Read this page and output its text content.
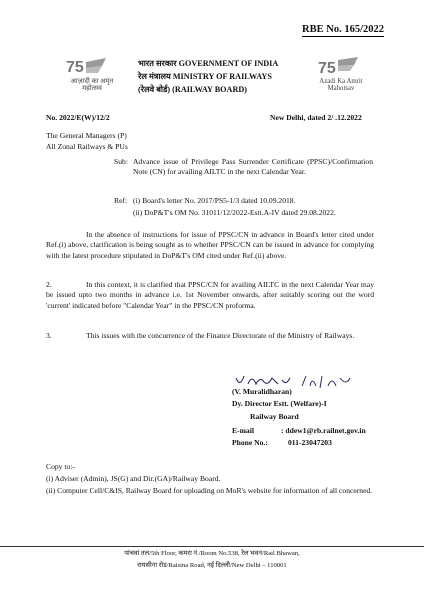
RBE No. 165/2022
75
आज़ादी का अमृत महोत्सव
भारत सरकार GOVERNMENT OF INDIA
रेल मंत्रालय MINISTRY OF RAILWAYS
(रेलवे बोर्ड) (RAILWAY BOARD)
75
Azadi Ka Amrit Mahotsav
No. 2022/E(W)/12/2	New Delhi, dated 2/ .12.2022
The General Managers (P)
All Zonal Railways & PUs
Sub: Advance issue of Privilege Pass Surrender Certificate (PPSC)/Confirmation Note (CN) for availing AILTC in the next Calendar Year.
Ref: (i) Board's letter No. 2017/PS5-1/3 dated 10.09.2018.
(ii) DoP&T's OM No. 31011/12/2022-Estt.A-IV dated 29.08.2022.
In the absence of instructions for issue of PPSC/CN in advance in Board's letter cited under Ref.(i) above, clarification is being sought as to whether PPSC/CN can be issued in advance for complying with the latest procedure stipulated in DoP&T's OM cited under Ref.(ii) above.
2.	In this context, it is clarified that PPSC/CN for availing AILTC in the next Calendar Year may be issued upto two months in advance i.e. 1st November onwards, after suitably scoring out the word 'current' indicated before "Calendar Year" in the PPSC/CN proforma.
3.	This issues with the concurrence of the Finance Directorate of the Ministry of Railways.
(V. Muralidharan)
Dy. Director Estt. (Welfare)-I
Railway Board
E-mail	: ddew1@rb.railnet.gov.in
Phone No.:	011-23047203
Copy to:-
(i) Adviser (Admin), JS(G) and Dir.(GA)/Railway Board.
(ii) Computer Cell/C&IS, Railway Board for uploading on MoR's website for information of all concerned.
पांचवां तल/5th Floor, कमरा नं./Room No.538, रेल भवन/Rail Bhawan,
रायसीना रोड/Raisina Road, नई दिल्ली/New Delhi – 110001
